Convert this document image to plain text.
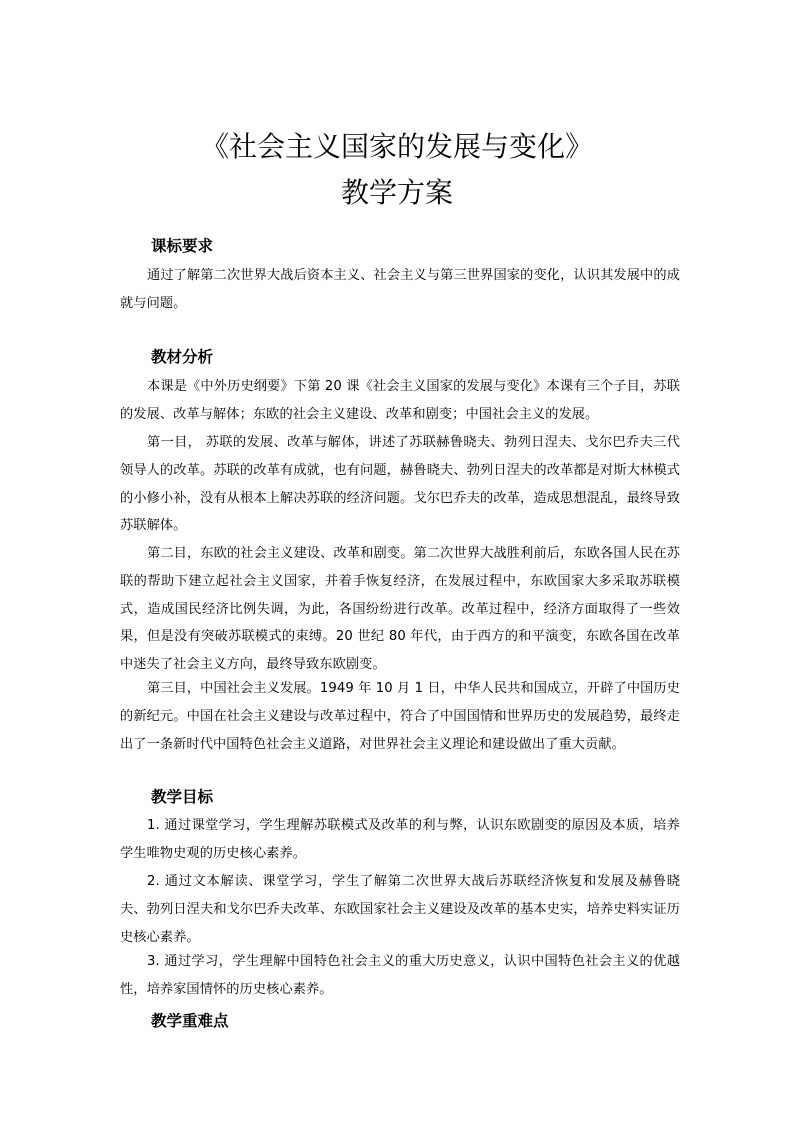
《社会主义国家的发展与变化》
教学方案
课标要求

通过了解第二次世界大战后资本主义、社会主义与第三世界国家的变化，认识其发展中的成就与问题。

教材分析

本课是《中外历史纲要》下第 20 课《社会主义国家的发展与变化》本课有三个子目，苏联的发展、改革与解体；东欧的社会主义建设、改革和剧变；中国社会主义的发展。

第一目， 苏联的发展、改革与解体，讲述了苏联赫鲁晓夫、勃列日涅夫、戈尔巴乔夫三代领导人的改革。苏联的改革有成就，也有问题，赫鲁晓夫、勃列日涅夫的改革都是对斯大林模式的小修小补，没有从根本上解决苏联的经济问题。戈尔巴乔夫的改革，造成思想混乱，最终导致苏联解体。

第二目，东欧的社会主义建设、改革和剧变。第二次世界大战胜利前后，东欧各国人民在苏联的帮助下建立起社会主义国家，并着手恢复经济，在发展过程中，东欧国家大多采取苏联模式，造成国民经济比例失调，为此，各国纷纷进行改革。改革过程中，经济方面取得了一些效果，但是没有突破苏联模式的束缚。20 世纪 80 年代，由于西方的和平演变，东欧各国在改革中迷失了社会主义方向，最终导致东欧剧变。

第三目，中国社会主义发展。1949 年 10 月 1 日，中华人民共和国成立，开辟了中国历史的新纪元。中国在社会主义建设与改革过程中，符合了中国国情和世界历史的发展趋势，最终走出了一条新时代中国特色社会主义道路，对世界社会主义理论和建设做出了重大贡献。

教学目标

1. 通过课堂学习，学生理解苏联模式及改革的利与弊，认识东欧剧变的原因及本质，培养学生唯物史观的历史核心素养。

2. 通过文本解读、课堂学习，学生了解第二次世界大战后苏联经济恢复和发展及赫鲁晓夫、勃列日涅夫和戈尔巴乔夫改革、东欧国家社会主义建设及改革的基本史实，培养史料实证历史核心素养。

3. 通过学习，学生理解中国特色社会主义的重大历史意义，认识中国特色社会主义的优越性，培养家国情怀的历史核心素养。

教学重难点
